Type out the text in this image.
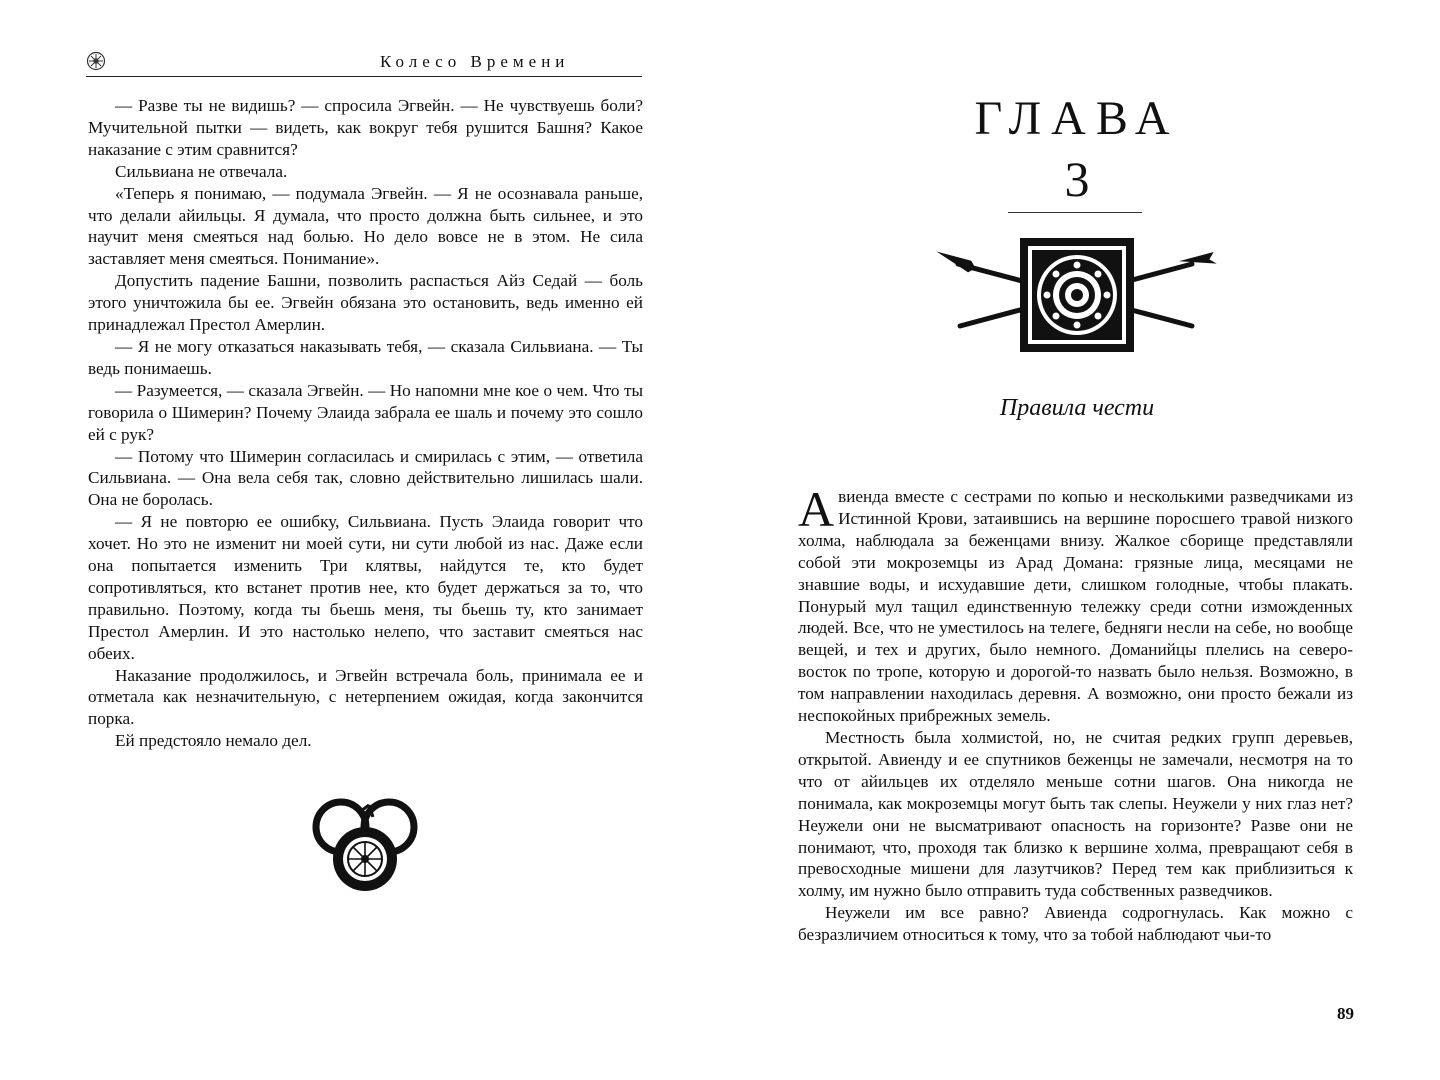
Колесо Времени

— Разве ты не видишь? — спросила Эгвейн. — Не чувствуешь боли? Мучительной пытки — видеть, как вокруг тебя рушится Башня? Какое наказание с этим сравнится?

Сильвиана не отвечала.

«Теперь я понимаю, — подумала Эгвейн. — Я не осознавала раньше, что делали айильцы. Я думала, что просто должна быть сильнее, и это научит меня смеяться над болью. Но дело вовсе не в этом. Не сила заставляет меня смеяться. Понимание».

Допустить падение Башни, позволить распасться Айз Седай — боль этого уничтожила бы ее. Эгвейн обязана это остановить, ведь именно ей принадлежал Престол Амерлин.

— Я не могу отказаться наказывать тебя, — сказала Сильвиана. — Ты ведь понимаешь.

— Разумеется, — сказала Эгвейн. — Но напомни мне кое о чем. Что ты говорила о Шимерин? Почему Элаида забрала ее шаль и почему это сошло ей с рук?

— Потому что Шимерин согласилась и смирилась с этим, — ответила Сильвиана. — Она вела себя так, словно действительно лишилась шали. Она не боролась.

— Я не повторю ее ошибку, Сильвиана. Пусть Элаида говорит что хочет. Но это не изменит ни моей сути, ни сути любой из нас. Даже если она попытается изменить Три клятвы, найдутся те, кто будет сопротивляться, кто встанет против нее, кто будет держаться за то, что правильно. Поэтому, когда ты бьешь меня, ты бьешь ту, кто занимает Престол Амерлин. И это настолько нелепо, что заставит смеяться нас обеих.

Наказание продолжилось, и Эгвейн встречала боль, принимала ее и отметала как незначительную, с нетерпением ожидая, когда закончится порка.

Ей предстояло немало дел.

ГЛАВА
3
Правила чести

Авиенда вместе с сестрами по копью и несколькими разведчиками из Истинной Крови, затаившись на вершине поросшего травой низкого холма, наблюдала за беженцами внизу. Жалкое сборище представляли собой эти мокроземцы из Арад Домана: грязные лица, месяцами не знавшие воды, и исхудавшие дети, слишком голодные, чтобы плакать. Понурый мул тащил единственную тележку среди сотни изможденных людей. Все, что не уместилось на телеге, бедняги несли на себе, но вообще вещей, и тех и других, было немного. Доманийцы плелись на северо-восток по тропе, которую и дорогой-то назвать было нельзя. Возможно, в том направлении находилась деревня. А возможно, они просто бежали из неспокойных прибрежных земель.

Местность была холмистой, но, не считая редких групп деревьев, открытой. Авиенду и ее спутников беженцы не замечали, несмотря на то что от айильцев их отделяло меньше сотни шагов. Она никогда не понимала, как мокроземцы могут быть так слепы. Неужели у них глаз нет? Неужели они не высматривают опасность на горизонте? Разве они не понимают, что, проходя так близко к вершине холма, превращают себя в превосходные мишени для лазутчиков? Перед тем как приблизиться к холму, им нужно было отправить туда собственных разведчиков.

Неужели им все равно? Авиенда содрогнулась. Как можно с безразличием относиться к тому, что за тобой наблюдают чьи-то

89
